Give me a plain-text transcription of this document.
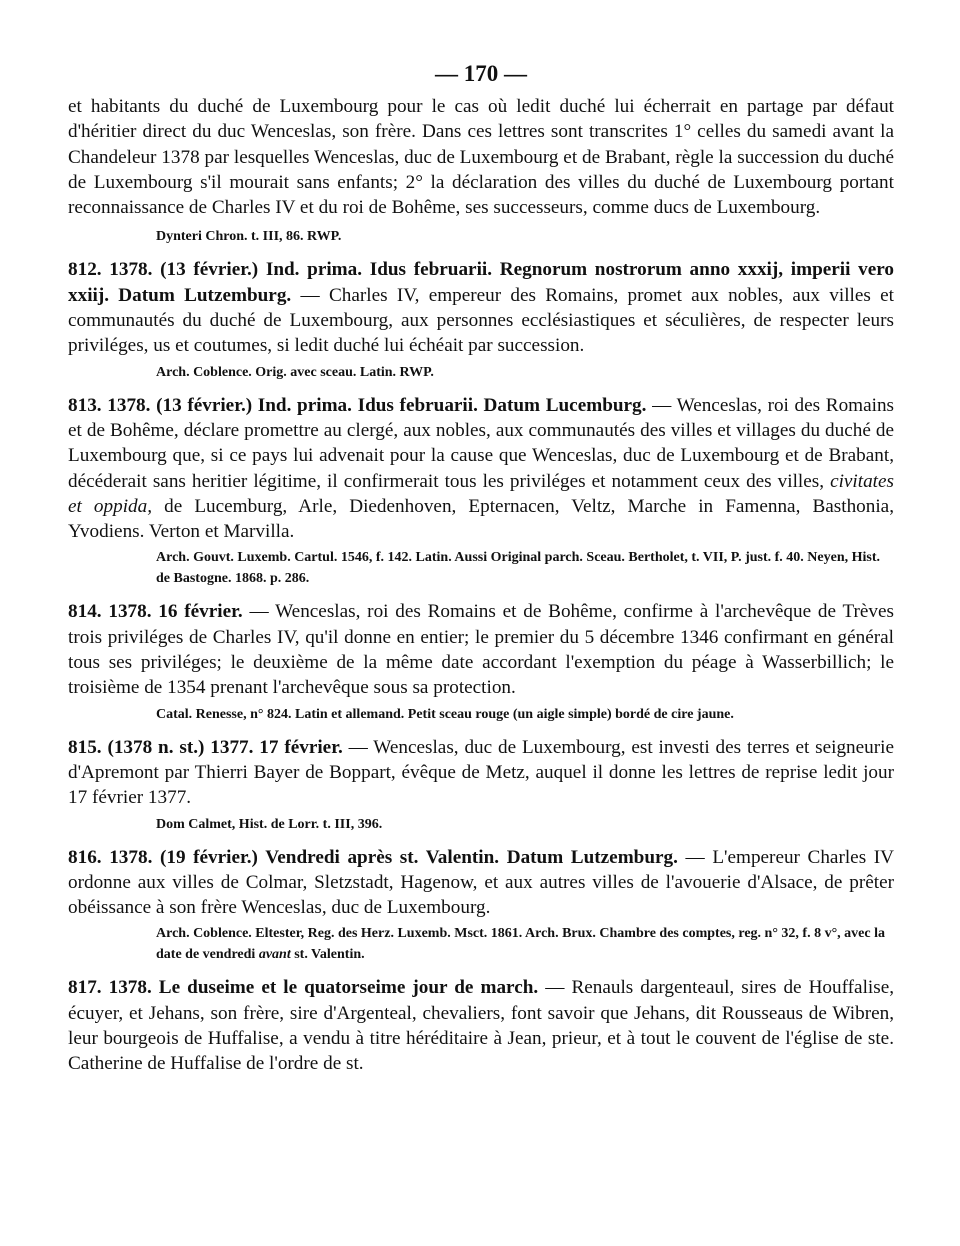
— 170 —

et habitants du duché de Luxembourg pour le cas où ledit duché lui écherrait en partage par défaut d'héritier direct du duc Wenceslas, son frère. Dans ces lettres sont transcrites 1° celles du samedi avant la Chandeleur 1378 par lesquelles Wenceslas, duc de Luxembourg et de Brabant, règle la succession du duché de Luxembourg s'il mourait sans enfants; 2° la déclaration des villes du duché de Luxembourg portant reconnaissance de Charles IV et du roi de Bohême, ses successeurs, comme ducs de Luxembourg.

Dynteri Chron. t. III, 86. RWP.

812. 1378. (13 février.) Ind. prima. Idus februarii. Regnorum nostrorum anno xxxij, imperii vero xxiij. Datum Lutzemburg. — Charles IV, empereur des Romains, promet aux nobles, aux villes et communautés du duché de Luxembourg, aux personnes ecclésiastiques et séculières, de respecter leurs priviléges, us et coutumes, si ledit duché lui échéait par succession.

Arch. Coblence. Orig. avec sceau. Latin. RWP.

813. 1378. (13 février.) Ind. prima. Idus februarii. Datum Lucemburg. — Wenceslas, roi des Romains et de Bohême, déclare promettre au clergé, aux nobles, aux communautés des villes et villages du duché de Luxembourg que, si ce pays lui advenait pour la cause que Wenceslas, duc de Luxembourg et de Brabant, décéderait sans heritier légitime, il confirmerait tous les priviléges et notamment ceux des villes, civitates et oppida, de Lucemburg, Arle, Diedenhoven, Epternacen, Veltz, Marche in Famenna, Basthonia, Yvodiens. Verton et Marvilla.

Arch. Gouvt. Luxemb. Cartul. 1546, f. 142. Latin. Aussi Original parch. Sceau. Bertholet, t. VII, P. just. f. 40. Neyen, Hist. de Bastogne. 1868. p. 286.

814. 1378. 16 février. — Wenceslas, roi des Romains et de Bohême, confirme à l'archevêque de Trèves trois priviléges de Charles IV, qu'il donne en entier; le premier du 5 décembre 1346 confirmant en général tous ses priviléges; le deuxième de la même date accordant l'exemption du péage à Wasserbillich; le troisième de 1354 prenant l'archevêque sous sa protection.

Catal. Renesse, n° 824. Latin et allemand. Petit sceau rouge (un aigle simple) bordé de cire jaune.

815. (1378 n. st.) 1377. 17 février. — Wenceslas, duc de Luxembourg, est investi des terres et seigneurie d'Apremont par Thierri Bayer de Boppart, évêque de Metz, auquel il donne les lettres de reprise ledit jour 17 février 1377.

Dom Calmet, Hist. de Lorr. t. III, 396.

816. 1378. (19 février.) Vendredi après st. Valentin. Datum Lutzemburg. — L'empereur Charles IV ordonne aux villes de Colmar, Sletzstadt, Hagenow, et aux autres villes de l'avouerie d'Alsace, de prêter obéissance à son frère Wenceslas, duc de Luxembourg.

Arch. Coblence. Eltester, Reg. des Herz. Luxemb. Msct. 1861. Arch. Brux. Chambre des comptes, reg. n° 32, f. 8 v°, avec la date de vendredi avant st. Valentin.

817. 1378. Le duseime et le quatorseime jour de march. — Renauls dargenteaul, sires de Houffalise, écuyer, et Jehans, son frère, sire d'Argenteal, chevaliers, font savoir que Jehans, dit Rousseaus de Wibren, leur bourgeois de Huffalise, a vendu à titre héréditaire à Jean, prieur, et à tout le couvent de l'église de ste. Catherine de Huffalise de l'ordre de st.
